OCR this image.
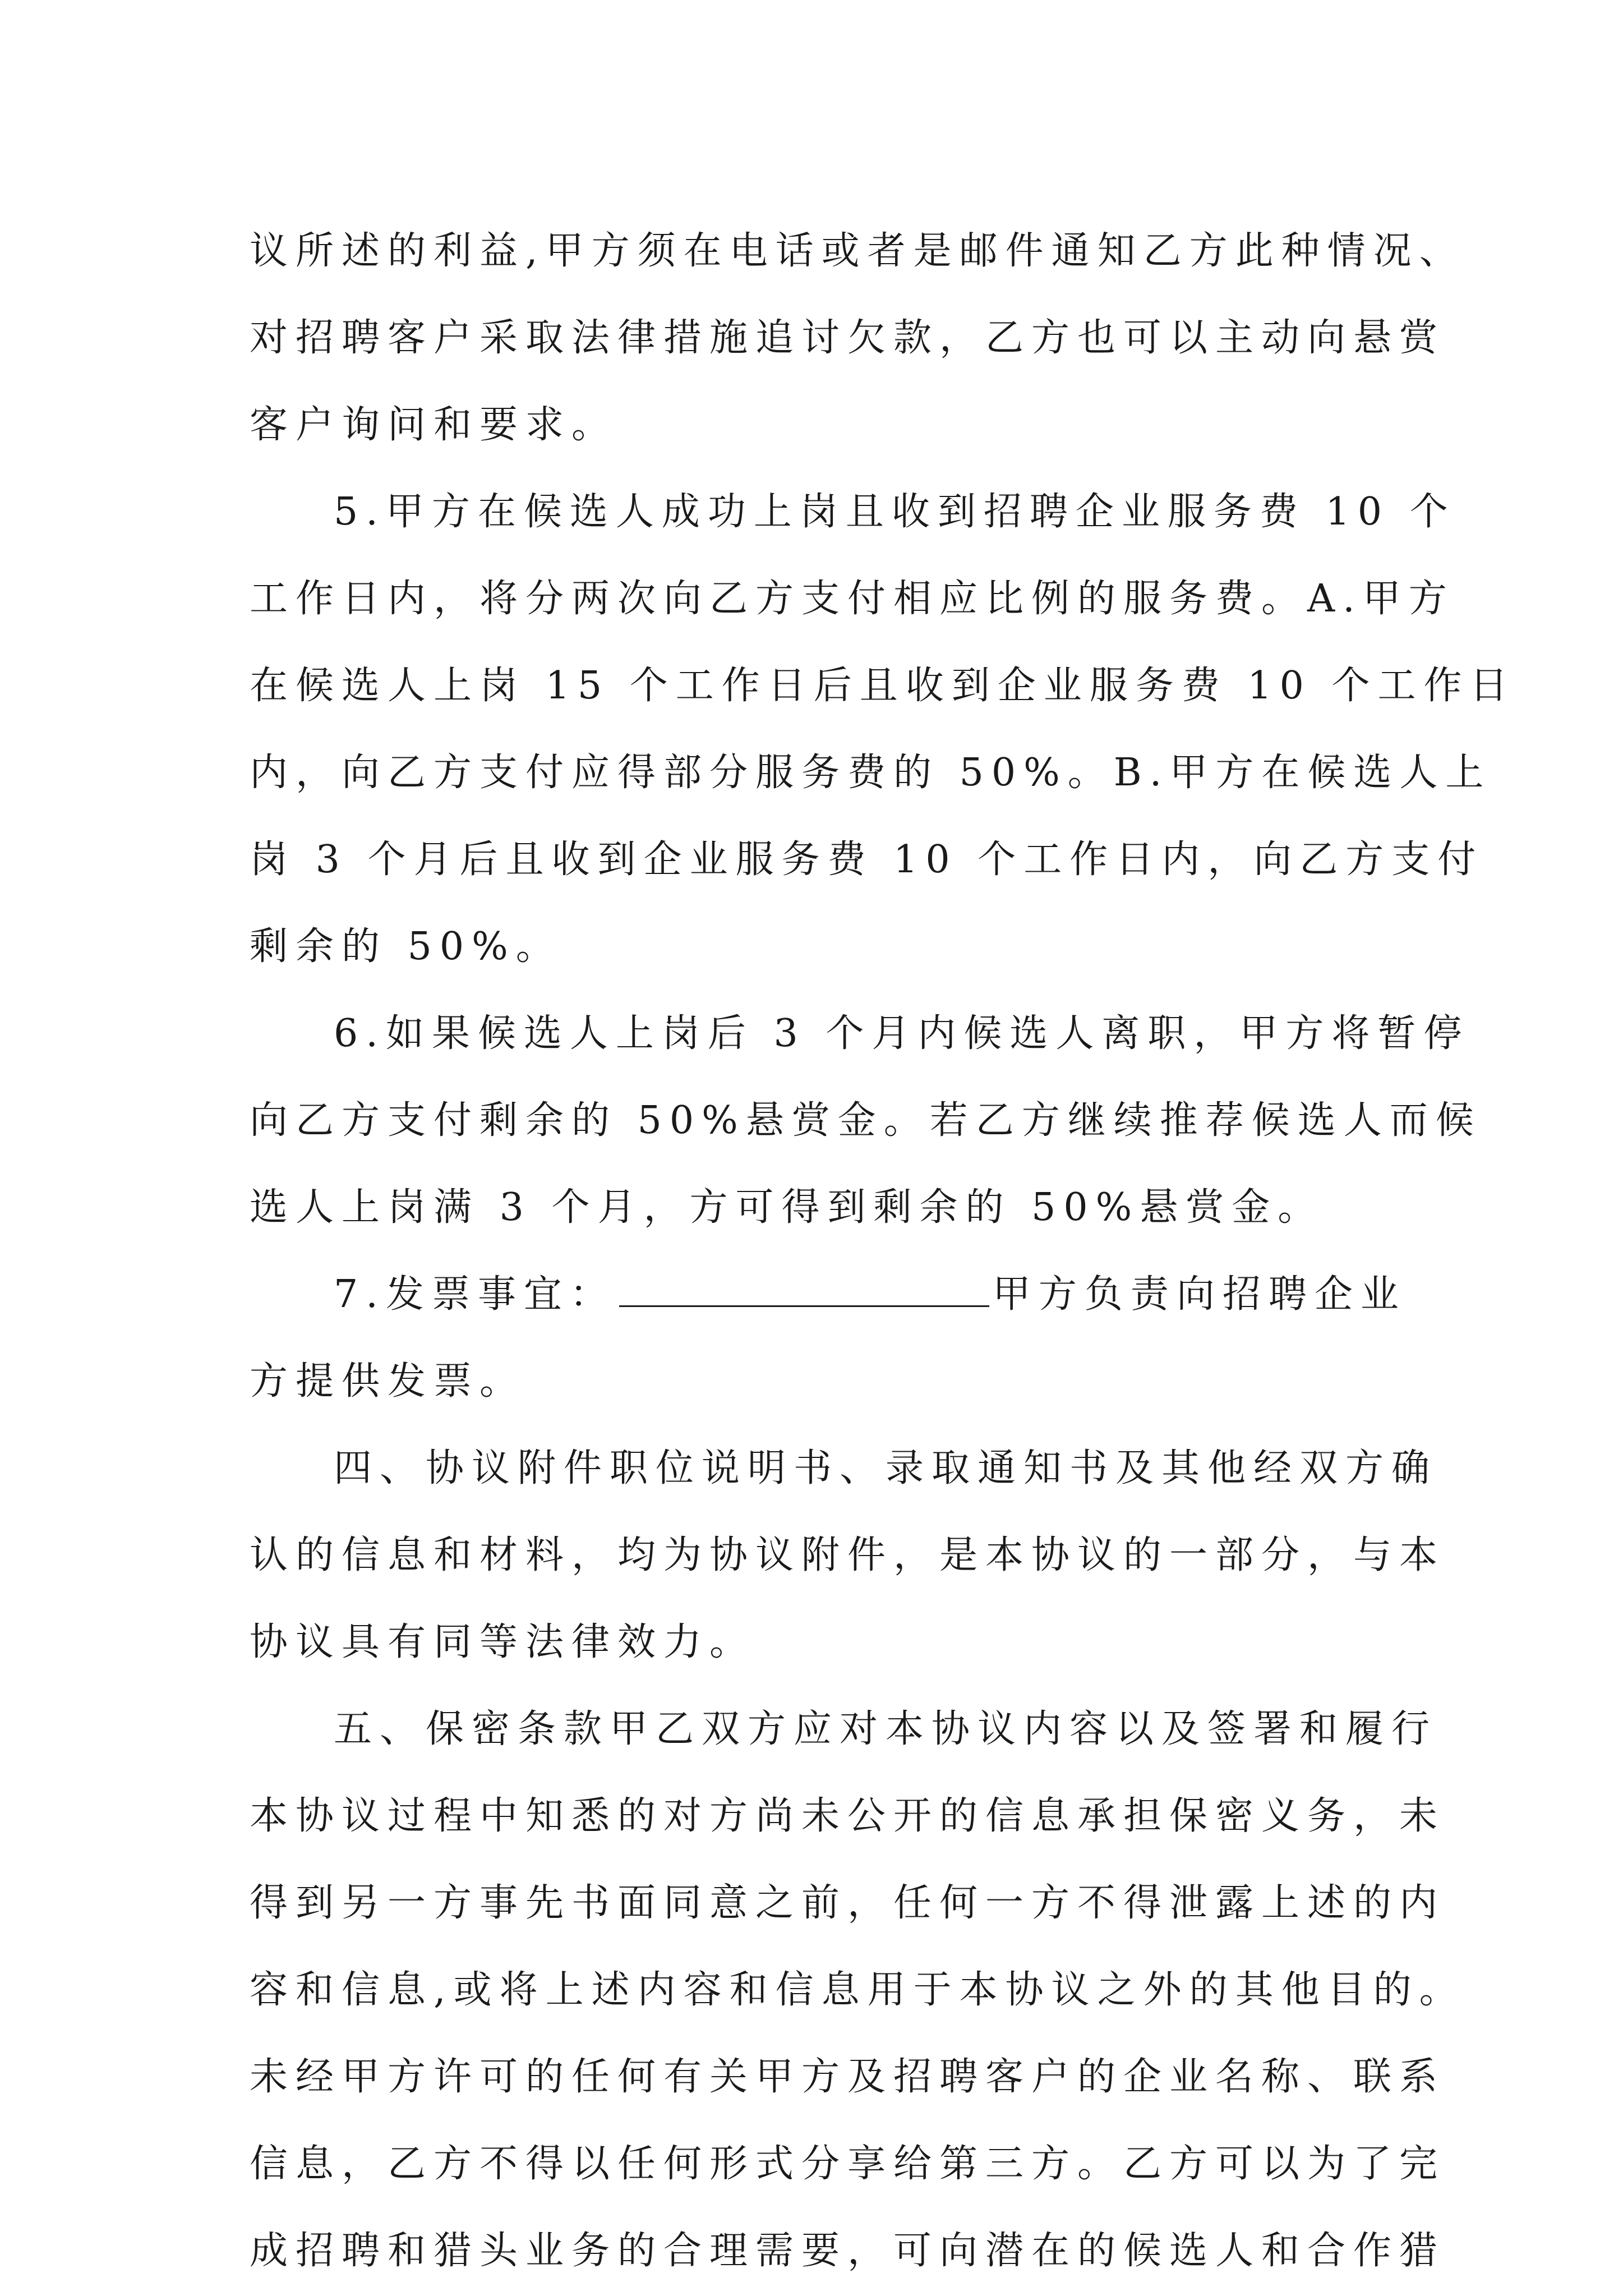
议所述的利益,甲方须在电话或者是邮件通知乙方此种情况、
对招聘客户采取法律措施追讨欠款，乙方也可以主动向悬赏
客户询问和要求。
5.甲方在候选人成功上岗且收到招聘企业服务费 10 个
工作日内，将分两次向乙方支付相应比例的服务费。A.甲方
在候选人上岗 15 个工作日后且收到企业服务费 10 个工作日
内，向乙方支付应得部分服务费的 50%。B.甲方在候选人上
岗 3 个月后且收到企业服务费 10 个工作日内，向乙方支付
剩余的 50%。
6.如果候选人上岗后 3 个月内候选人离职，甲方将暂停
向乙方支付剩余的 50%悬赏金。若乙方继续推荐候选人而候
选人上岗满 3 个月，方可得到剩余的 50%悬赏金。
7.发票事宜：	甲方负责向招聘企业
方提供发票。
四、协议附件职位说明书、录取通知书及其他经双方确
认的信息和材料，均为协议附件，是本协议的一部分，与本
协议具有同等法律效力。
五、保密条款甲乙双方应对本协议内容以及签署和履行
本协议过程中知悉的对方尚未公开的信息承担保密义务，未
得到另一方事先书面同意之前，任何一方不得泄露上述的内
容和信息,或将上述内容和信息用于本协议之外的其他目的。
未经甲方许可的任何有关甲方及招聘客户的企业名称、联系
信息，乙方不得以任何形式分享给第三方。乙方可以为了完
成招聘和猎头业务的合理需要，可向潜在的候选人和合作猎
